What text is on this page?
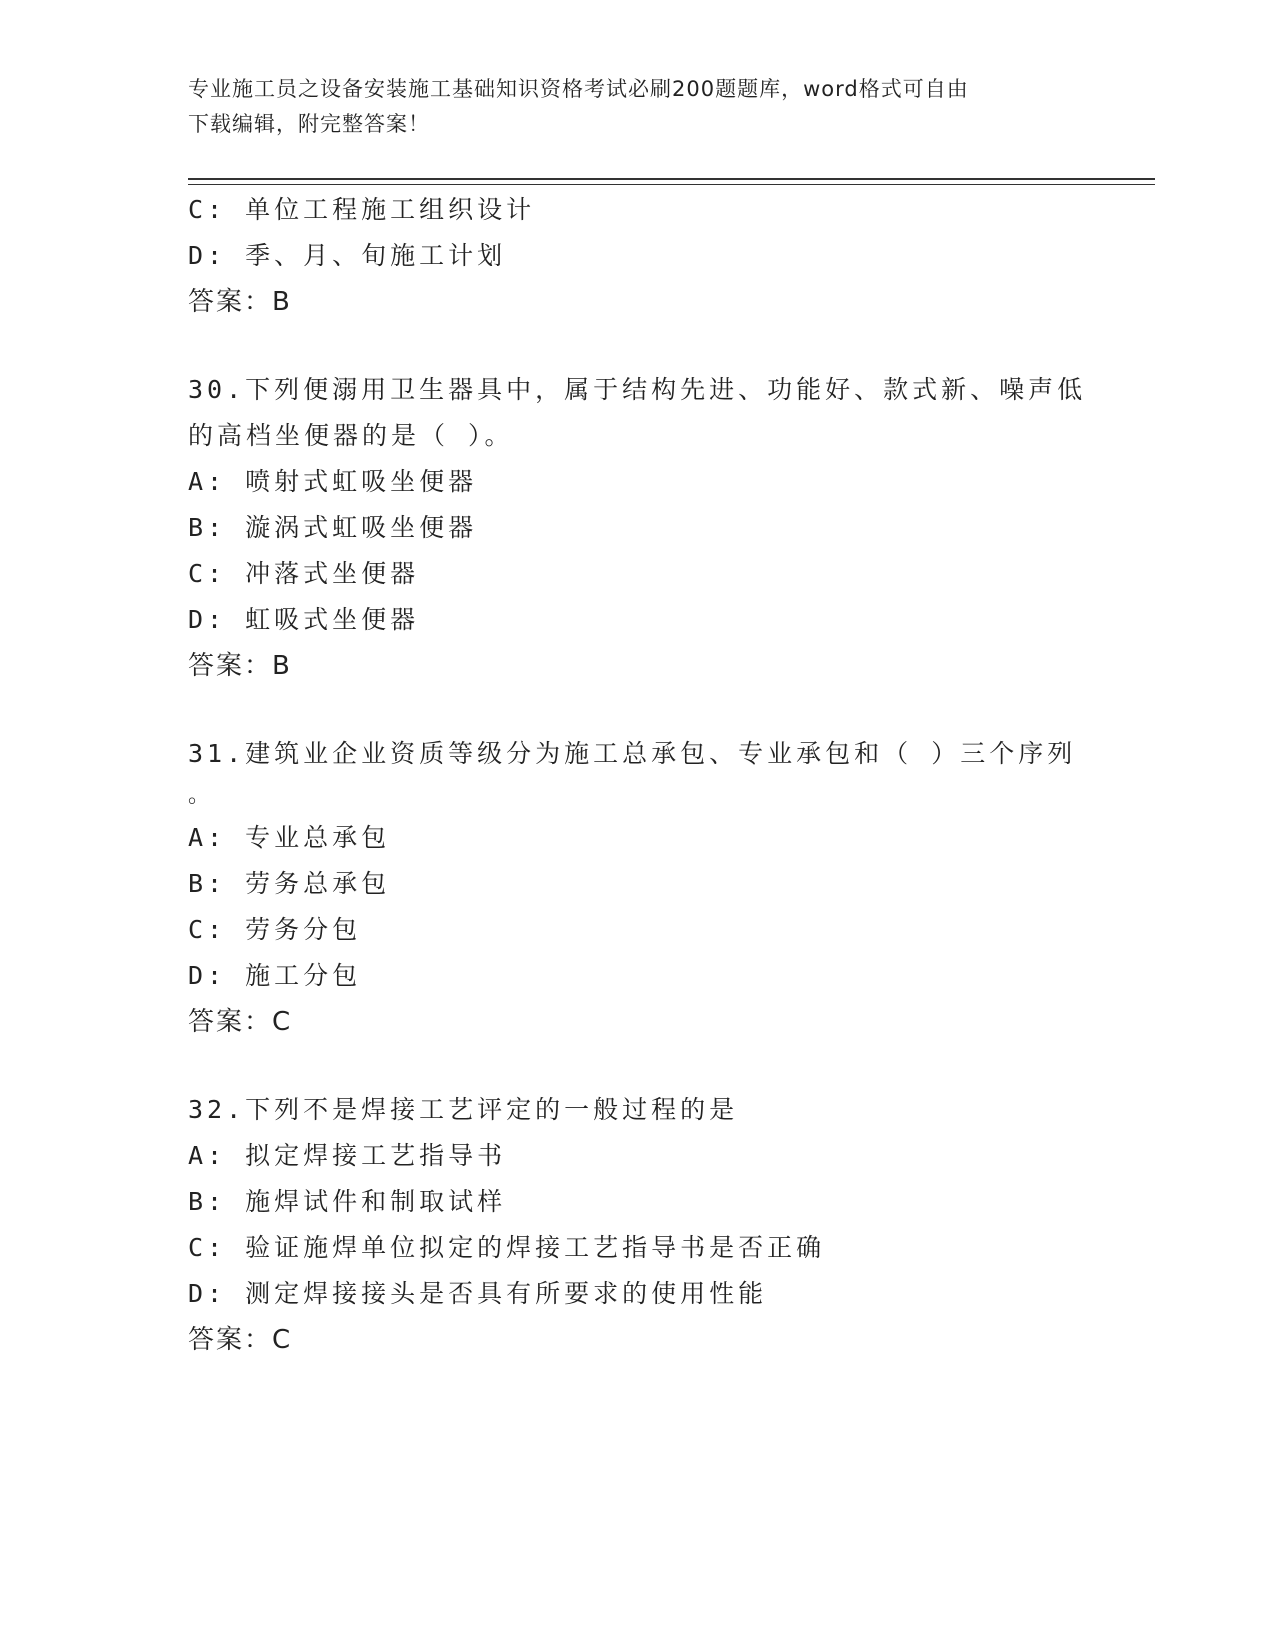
专业施工员之设备安装施工基础知识资格考试必刷200题题库，word格式可自由
下载编辑，附完整答案！
C: 单位工程施工组织设计
D: 季、月、旬施工计划
答案：B
30.下列便溺用卫生器具中，属于结构先进、功能好、款式新、噪声低
的高档坐便器的是（ ）。
A: 喷射式虹吸坐便器
B: 漩涡式虹吸坐便器
C: 冲落式坐便器
D: 虹吸式坐便器
答案：B
31.建筑业企业资质等级分为施工总承包、专业承包和（ ）三个序列
。
A: 专业总承包
B: 劳务总承包
C: 劳务分包
D: 施工分包
答案：C
32.下列不是焊接工艺评定的一般过程的是
A: 拟定焊接工艺指导书
B: 施焊试件和制取试样
C: 验证施焊单位拟定的焊接工艺指导书是否正确
D: 测定焊接接头是否具有所要求的使用性能
答案：C
